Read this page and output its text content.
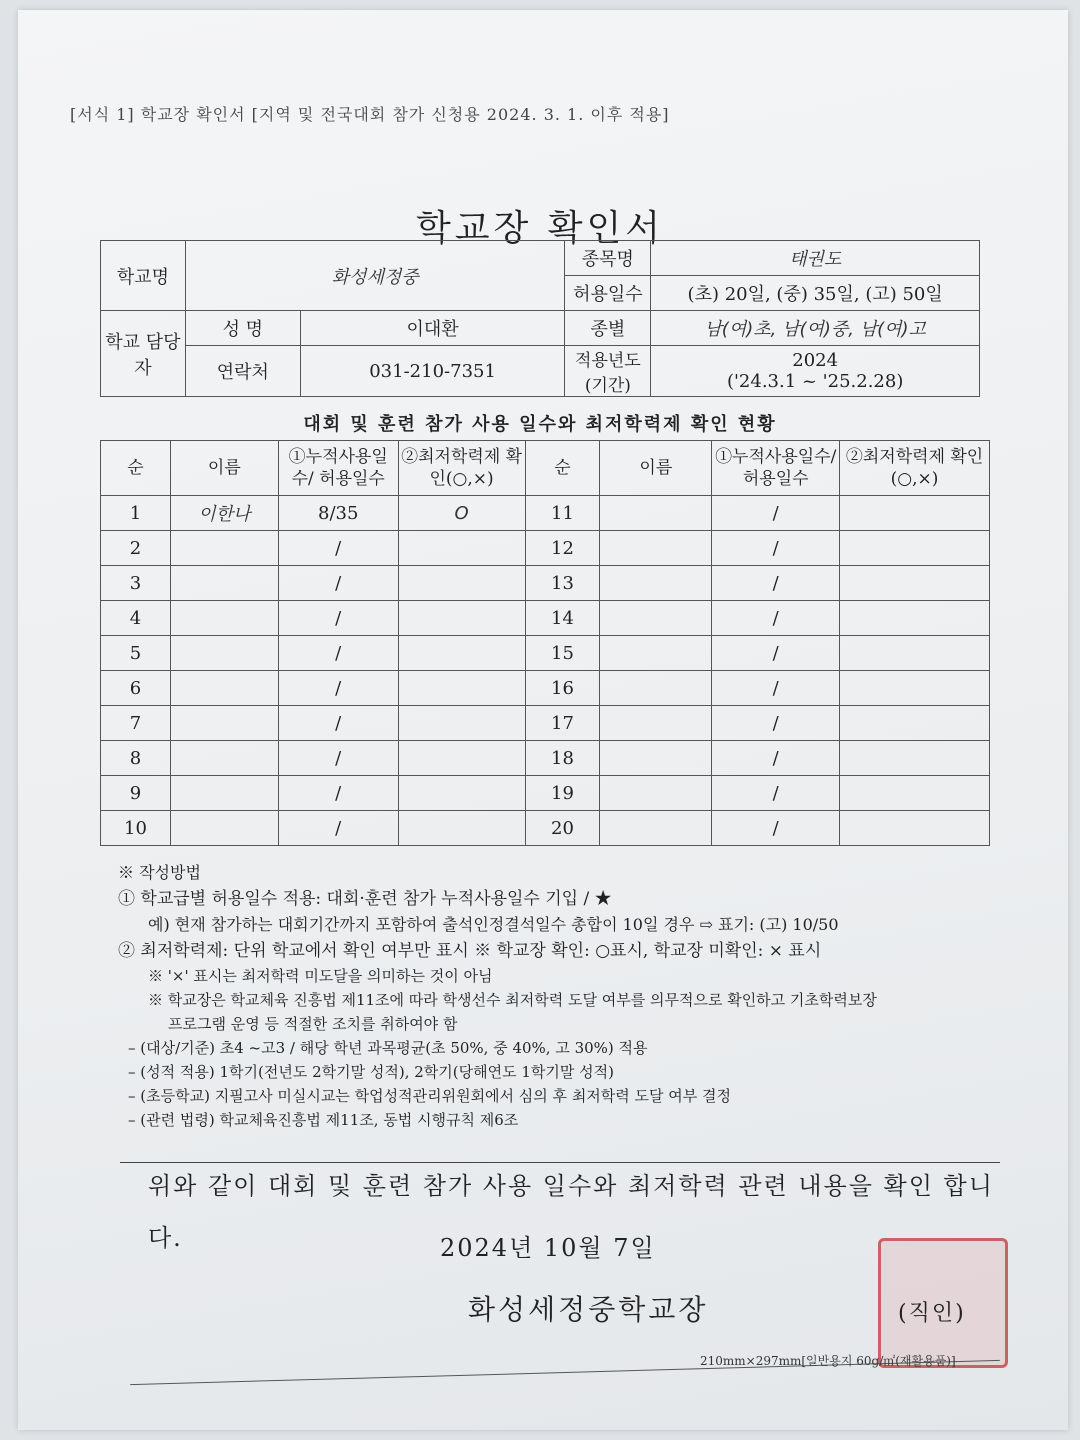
[서식 1] 학교장 확인서 [지역 및 전국대회 참가 신청용 2024. 3. 1. 이후 적용]
학교장 확인서
학교명	화성세정중		종목명	태권도
			허용일수	(초) 20일, (중) 35일, (고) 50일
학교 담당자	성 명	이대환	종별	남(여)초, 남(여)중, 남(여)고
	연락처	031-210-7351	적용년도 (기간)	2024
('24.3.1 ~ '25.2.28)
대회 및 훈련 참가 사용 일수와 최저학력제 확인 현황
순	이름	①누적사용일수/ 허용일수	②최저학력제 확인(○,×)	순	이름	①누적사용일수/ 허용일수	②최저학력제 확인(○,×)
1	이한나	8/35	O	11		/	
2		/		12		/	
3		/		13		/	
4		/		14		/	
5		/		15		/	
6		/		16		/	
7		/		17		/	
8		/		18		/	
9		/		19		/	
10		/		20		/	
※ 작성방법
① 학교급별 허용일수 적용: 대회·훈련 참가 누적사용일수 기입 / ★
예) 현재 참가하는 대회기간까지 포함하여 출석인정결석일수 총합이 10일 경우 ⇨ 표기: (고) 10/50
② 최저학력제: 단위 학교에서 확인 여부만 표시 ※ 학교장 확인: ○표시, 학교장 미확인: × 표시
※ '×' 표시는 최저학력 미도달을 의미하는 것이 아님
※ 학교장은 학교체육 진흥법 제11조에 따라 학생선수 최저학력 도달 여부를 의무적으로 확인하고 기초학력보장
프로그램 운영 등 적절한 조치를 취하여야 함
– (대상/기준) 초4 ~고3 / 해당 학년 과목평균(초 50%, 중 40%, 고 30%) 적용
– (성적 적용) 1학기(전년도 2학기말 성적), 2학기(당해연도 1학기말 성적)
– (초등학교) 지필고사 미실시교는 학업성적관리위원회에서 심의 후 최저학력 도달 여부 결정
– (관련 법령) 학교체육진흥법 제11조, 동법 시행규칙 제6조
위와 같이 대회 및 훈련 참가 사용 일수와 최저학력 관련 내용을 확인 합니다.	2024년 10월 7일
화성세정중학교장	(직인)
210mm×297mm[일반용지 60g/㎡(재활용품)]
